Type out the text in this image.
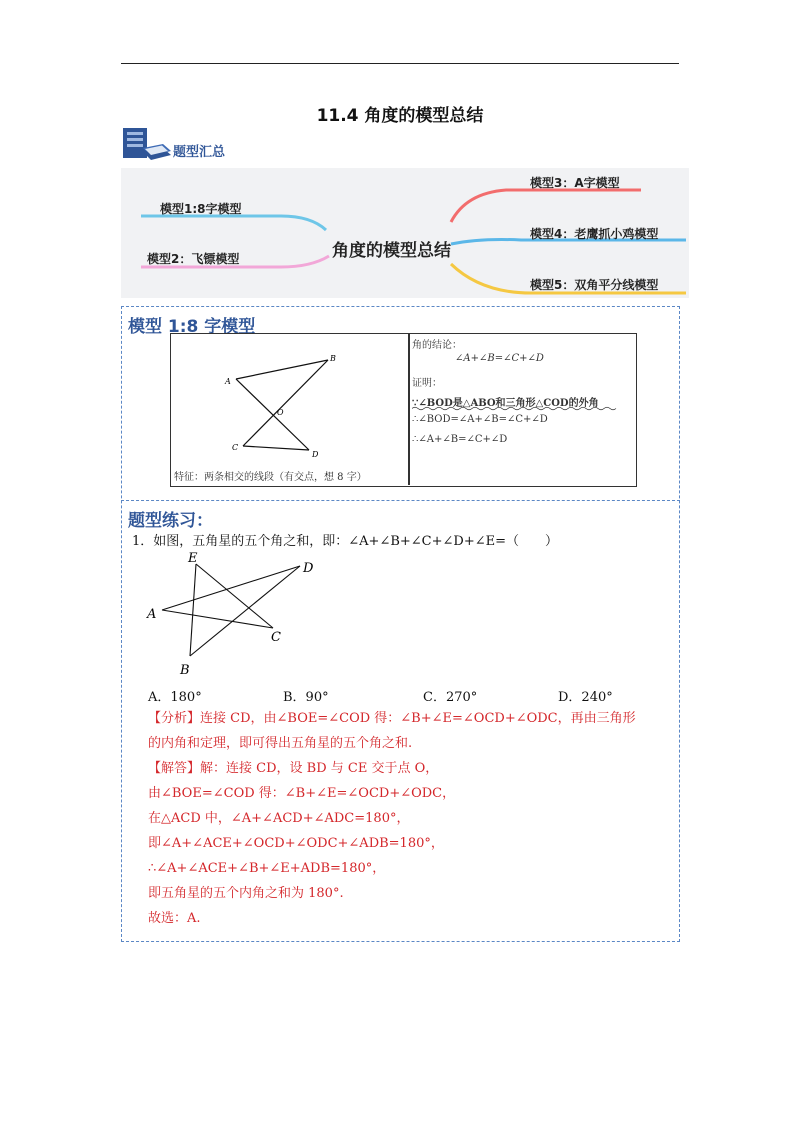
11.4 角度的模型总结
题型汇总
角度的模型总结
模型1:8字模型
模型2：飞镖模型
模型3：A字模型
模型4：老鹰抓小鸡模型
模型5：双角平分线模型
模型 1:8 字模型
A
B
O
C
D
特征：两条相交的线段（有交点，想 8 字）
角的结论：
∠A+∠B=∠C+∠D
证明：
∵∠BOD是△ABO和三角形△COD的外角
∴∠BOD=∠A+∠B=∠C+∠D
∴∠A+∠B=∠C+∠D
题型练习：
1．如图，五角星的五个角之和，即：∠A+∠B+∠C+∠D+∠E=（　　）
E
D
A
C
B
A．180°	B．90°	C．270°	D．240°
【分析】连接 CD，由∠BOE=∠COD 得：∠B+∠E=∠OCD+∠ODC，再由三角形
的内角和定理，即可得出五角星的五个角之和.
【解答】解：连接 CD，设 BD 与 CE 交于点 O，
由∠BOE=∠COD 得：∠B+∠E=∠OCD+∠ODC，
在△ACD 中，∠A+∠ACD+∠ADC=180°，
即∠A+∠ACE+∠OCD+∠ODC+∠ADB=180°，
∴∠A+∠ACE+∠B+∠E+ADB=180°，
即五角星的五个内角之和为 180°.
故选：A.
